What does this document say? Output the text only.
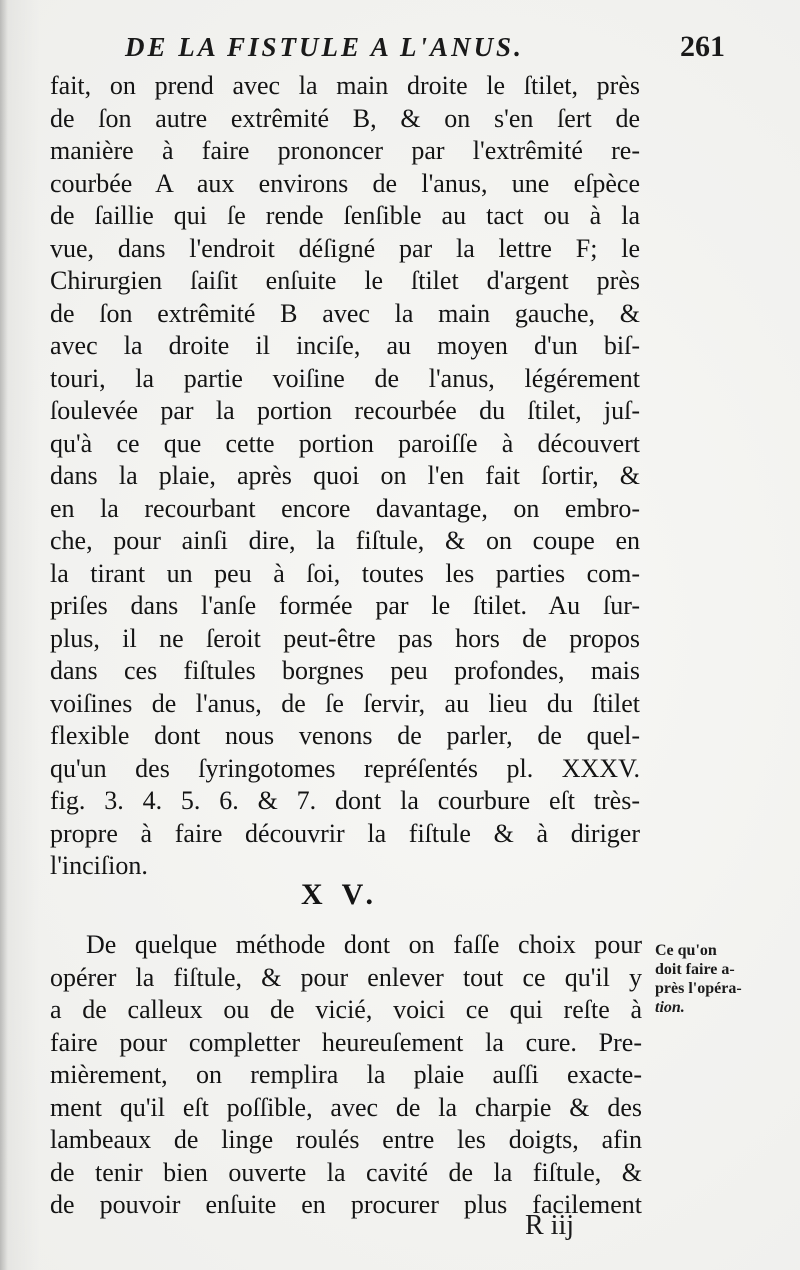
DE LA FISTULE A L'ANUS.	261
fait, on prend avec la main droite le ſtilet, près
de ſon autre extrêmité B, & on s'en ſert de
manière à faire prononcer par l'extrêmité re-
courbée A aux environs de l'anus, une eſpèce
de ſaillie qui ſe rende ſenſible au tact ou à la
vue, dans l'endroit déſigné par la lettre F; le
Chirurgien ſaiſit enſuite le ſtilet d'argent près
de ſon extrêmité B avec la main gauche, &
avec la droite il inciſe, au moyen d'un biſ-
touri, la partie voiſine de l'anus, légérement
ſoulevée par la portion recourbée du ſtilet, juſ-
qu'à ce que cette portion paroiſſe à découvert
dans la plaie, après quoi on l'en fait ſortir, &
en la recourbant encore davantage, on embro-
che, pour ainſi dire, la fiſtule, & on coupe en
la tirant un peu à ſoi, toutes les parties com-
priſes dans l'anſe formée par le ſtilet. Au ſur-
plus, il ne ſeroit peut-être pas hors de propos
dans ces fiſtules borgnes peu profondes, mais
voiſines de l'anus, de ſe ſervir, au lieu du ſtilet
flexible dont nous venons de parler, de quel-
qu'un des ſyringotomes repréſentés pl. XXXV.
fig. 3. 4. 5. 6. & 7. dont la courbure eſt très-
propre à faire découvrir la fiſtule & à diriger
l'inciſion.
X V.
De quelque méthode dont on faſſe choix pour
opérer la fiſtule, & pour enlever tout ce qu'il y
a de calleux ou de vicié, voici ce qui reſte à
faire pour completter heureuſement la cure. Pre-
mièrement, on remplira la plaie auſſi exacte-
ment qu'il eſt poſſible, avec de la charpie & des
lambeaux de linge roulés entre les doigts, afin
de tenir bien ouverte la cavité de la fiſtule, &
de pouvoir enſuite en procurer plus facilement
Ce qu'on
doit faire a-
près l'opéra-
tion.
R iij
